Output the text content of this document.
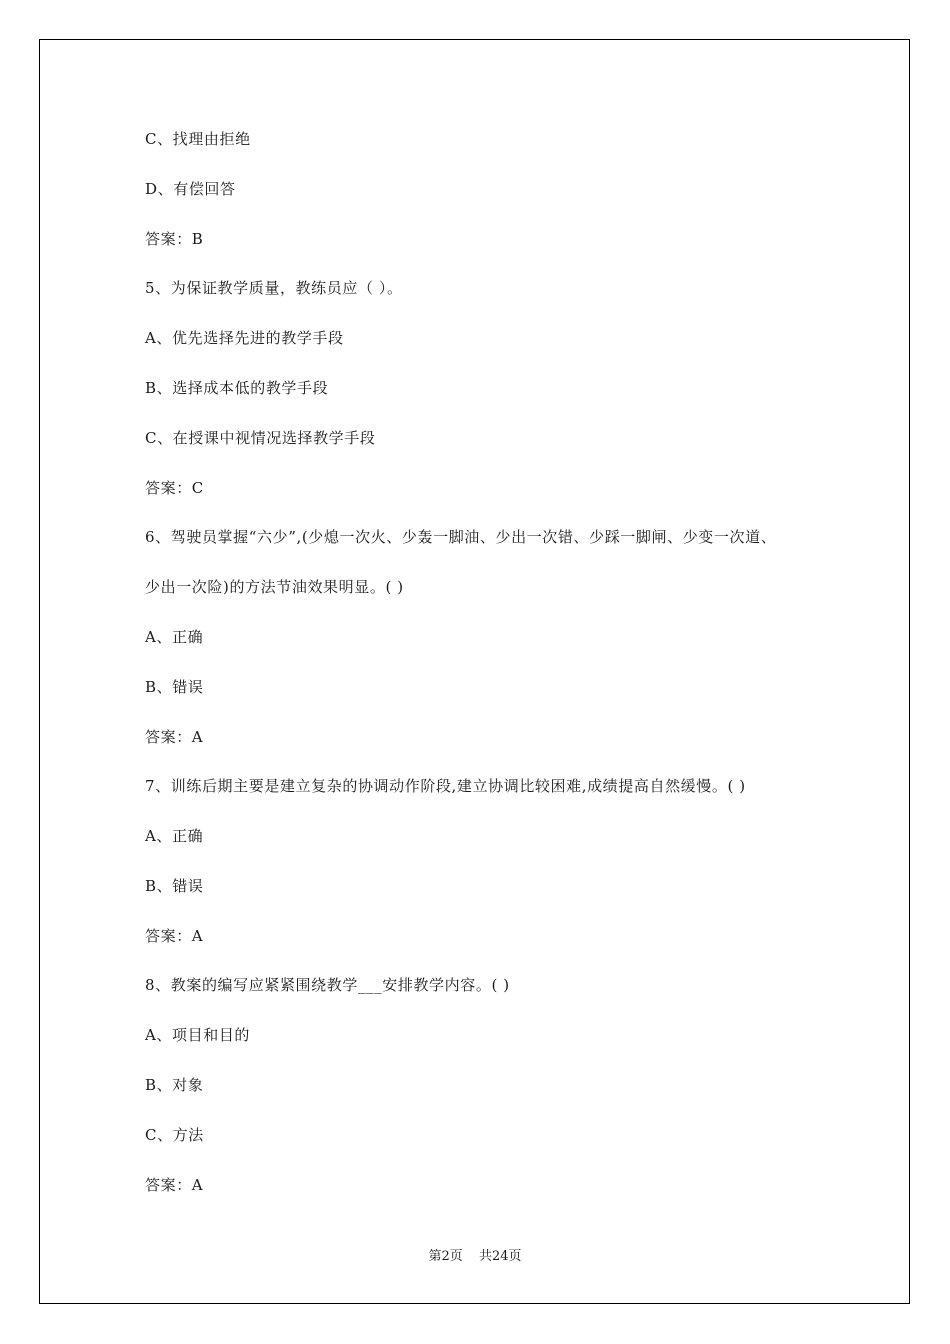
C、找理由拒绝
D、有偿回答
答案：B
5、为保证教学质量，教练员应（ ）。
A、优先选择先进的教学手段
B、选择成本低的教学手段
C、在授课中视情况选择教学手段
答案：C
6、驾驶员掌握“六少”,(少熄一次火、少轰一脚油、少出一次错、少踩一脚闸、少变一次道、
少出一次险)的方法节油效果明显。( )
A、正确
B、错误
答案：A
7、训练后期主要是建立复杂的协调动作阶段,建立协调比较困难,成绩提高自然缓慢。( )
A、正确
B、错误
答案：A
8、教案的编写应紧紧围绕教学___安排教学内容。( )
A、项目和目的
B、对象
C、方法
答案：A
第2页 共24页
